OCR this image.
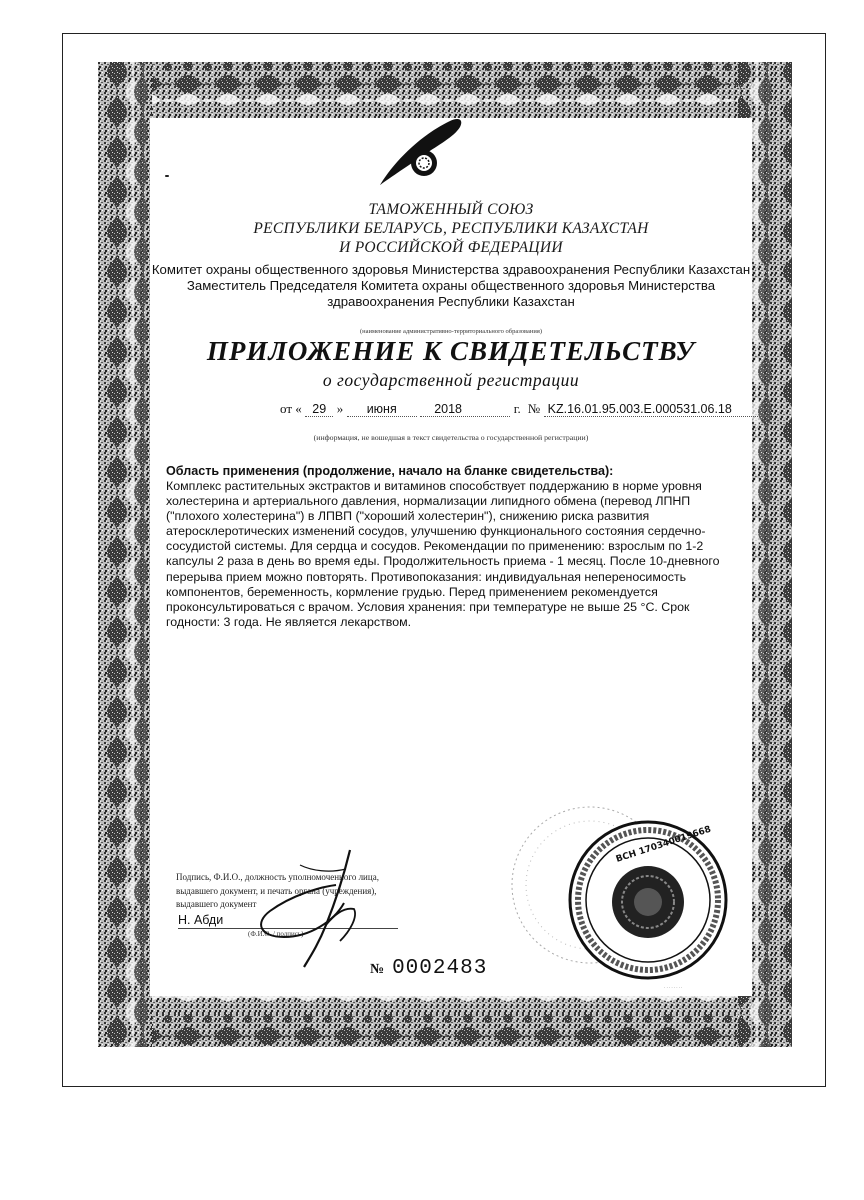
ТАМОЖЕННЫЙ СОЮЗ
РЕСПУБЛИКИ БЕЛАРУСЬ, РЕСПУБЛИКИ КАЗАХСТАН
И РОССИЙСКОЙ ФЕДЕРАЦИИ
Комитет охраны общественного здоровья Министерства здравоохранения Республики Казахстан
Заместитель Председателя Комитета охраны общественного здоровья Министерства
здравоохранения Республики Казахстан
(наименование административно-территориального образования)
ПРИЛОЖЕНИЕ К СВИДЕТЕЛЬСТВУ
о государственной регистрации
от « 29 » июня	2018	г. № KZ.16.01.95.003.E.000531.06.18
(информация, не вошедшая в текст свидетельства о государственной регистрации)
Область применения (продолжение, начало на бланке свидетельства):
Комплекс растительных экстрактов и витаминов способствует поддержанию в норме уровня
холестерина и артериального давления, нормализации липидного обмена (перевод ЛПНП
("плохого холестерина") в ЛПВП ("хороший холестерин"), снижению риска развития
атеросклеротических изменений сосудов, улучшению функционального состояния сердечно-
сосудистой системы. Для сердца и сосудов. Рекомендации по применению: взрослым по 1-2
капсулы 2 раза в день во время еды. Продолжительность приема - 1 месяц. После 10-дневного
перерыва прием можно повторять. Противопоказания: индивидуальная непереносимость
компонентов, беременность, кормление грудью. Перед применением рекомендуется
проконсультироваться с врачом. Условия хранения: при температуре не выше 25 °С. Срок
годности: 3 года. Не является лекарством.
Подпись, Ф.И.О., должность уполномоченного лица,
выдавшего документ, и печать органа (учреждения),
выдавшего документ
Н. Абди
(Ф.И.О. / подпись)
ВСН 170340019668
№ 0002483
· · · · · · · ·
